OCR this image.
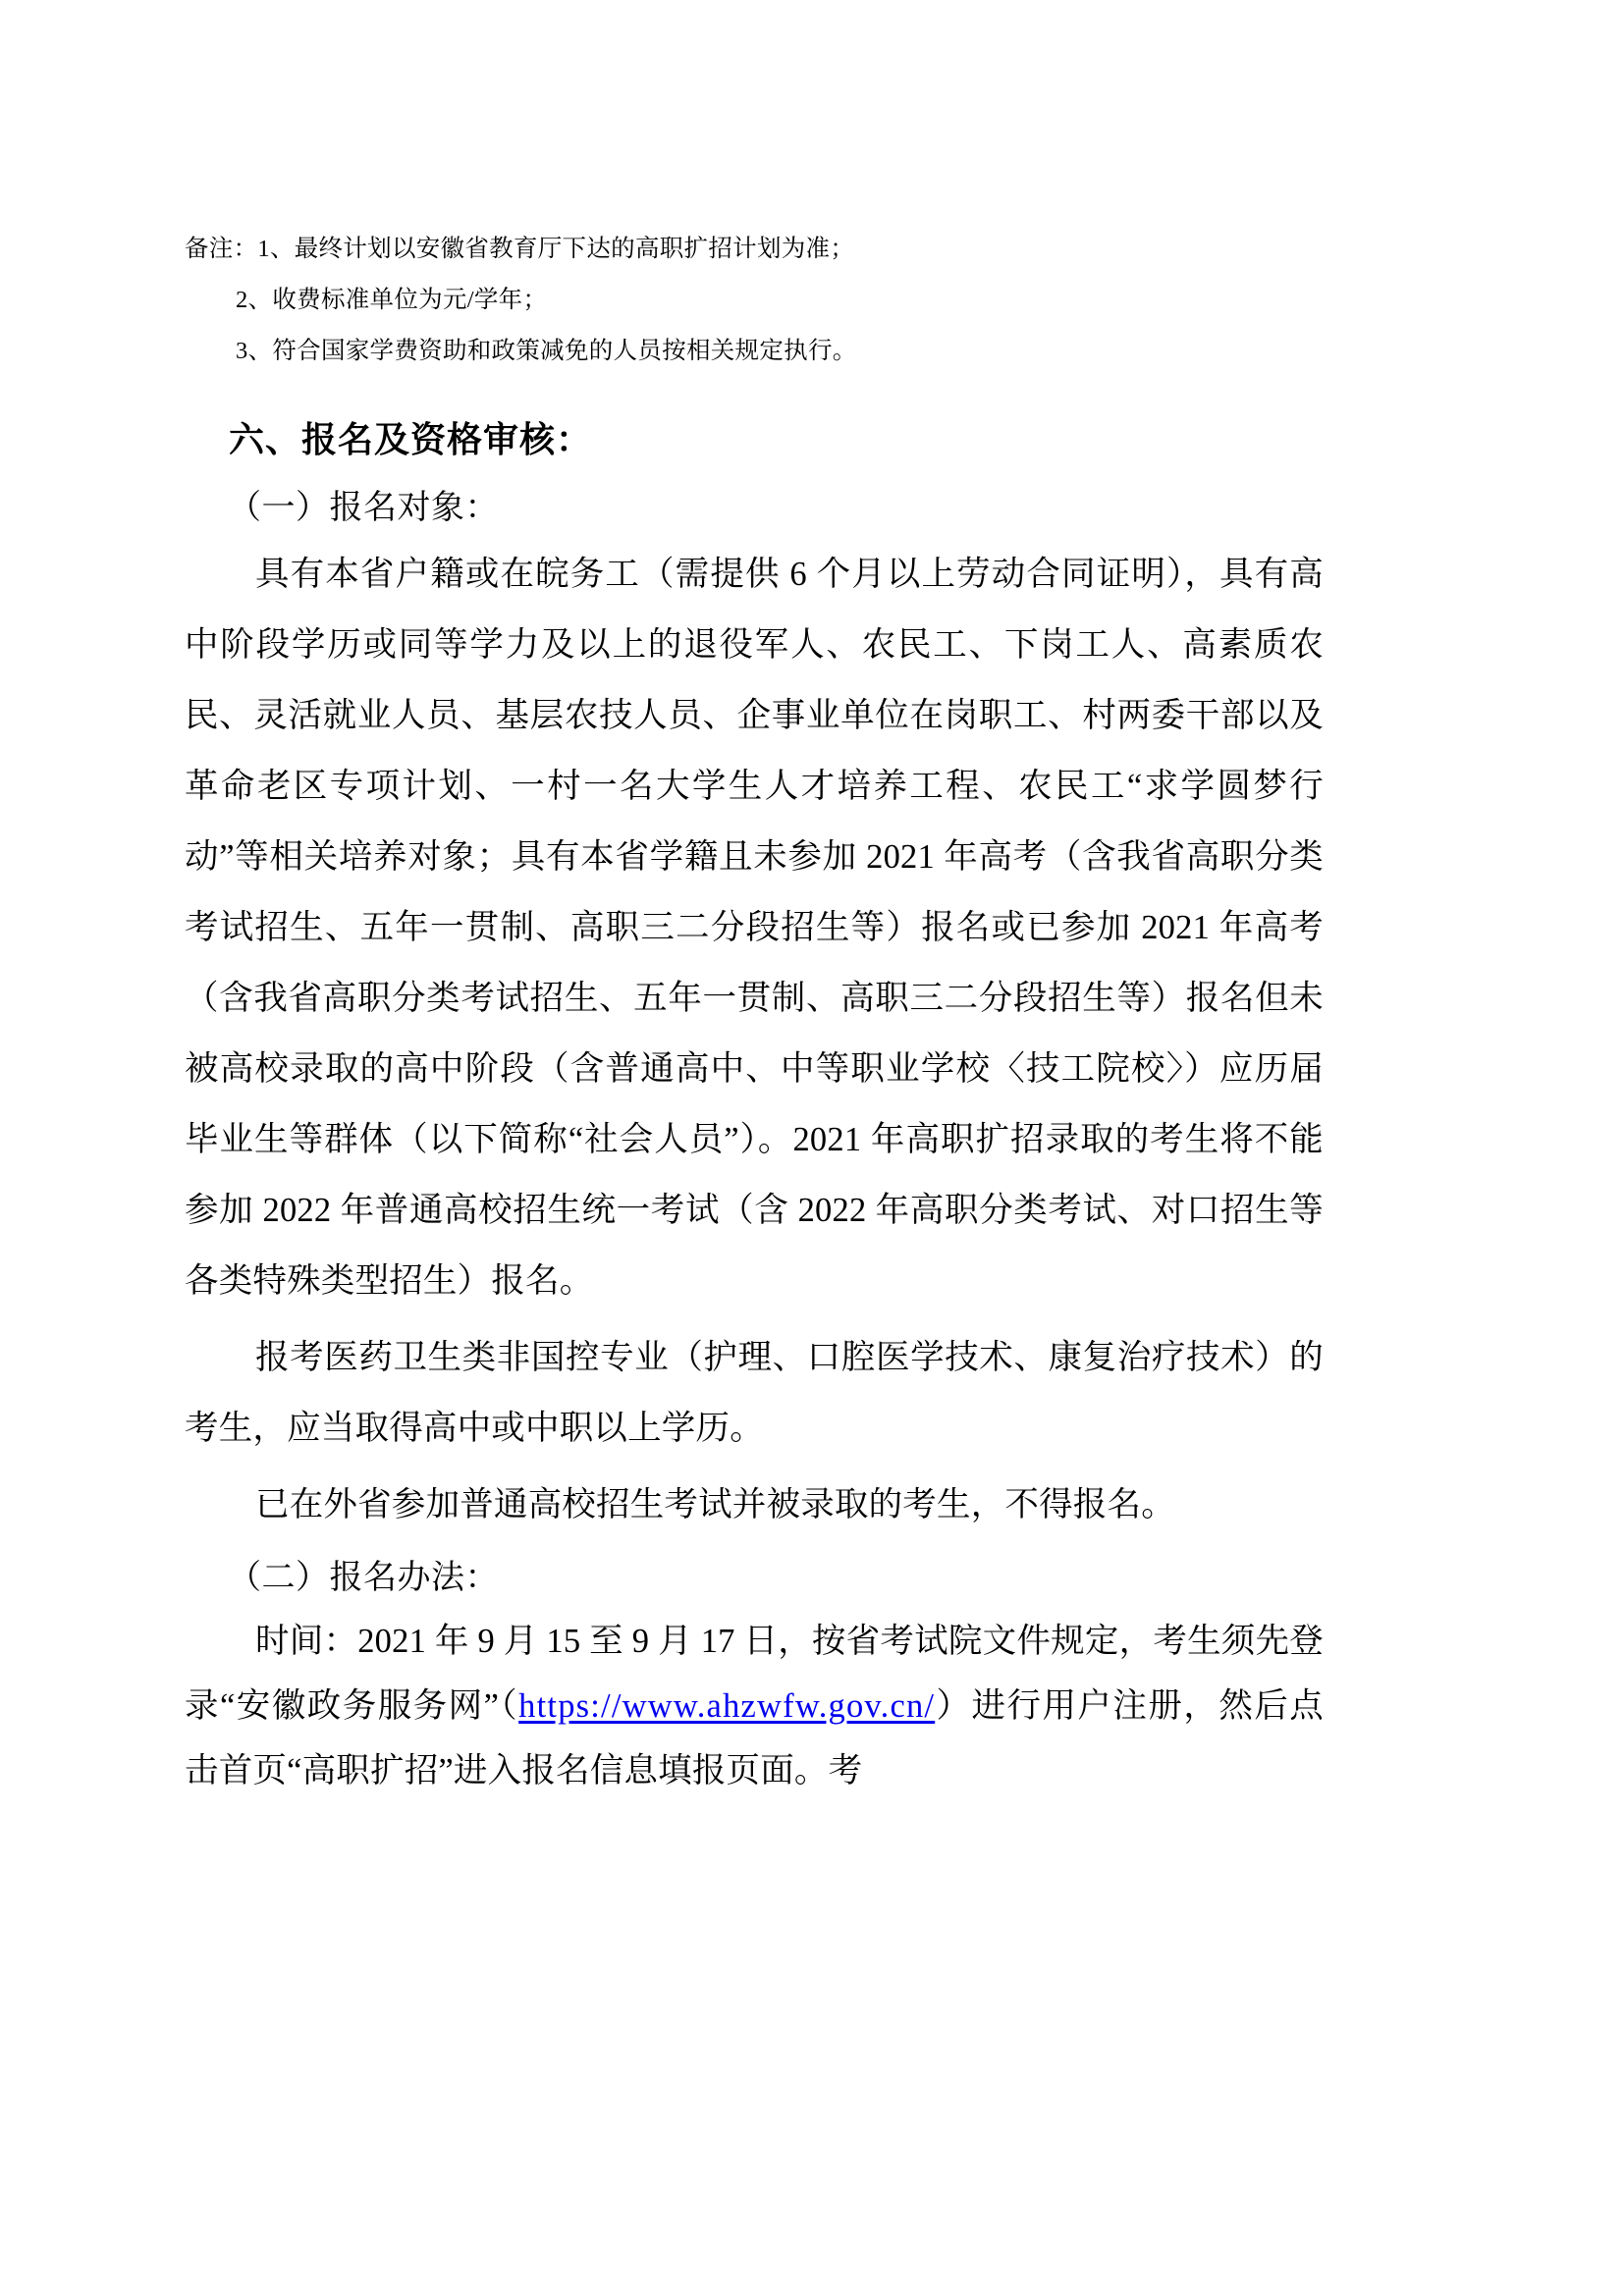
备注：1、最终计划以安徽省教育厅下达的高职扩招计划为准；
2、收费标准单位为元/学年；
3、符合国家学费资助和政策减免的人员按相关规定执行。
六、报名及资格审核：
（一）报名对象：

具有本省户籍或在皖务工（需提供 6 个月以上劳动合同证明），具有高中阶段学历或同等学力及以上的退役军人、农民工、下岗工人、高素质农民、灵活就业人员、基层农技人员、企事业单位在岗职工、村两委干部以及革命老区专项计划、一村一名大学生人才培养工程、农民工“求学圆梦行动”等相关培养对象；具有本省学籍且未参加 2021 年高考（含我省高职分类考试招生、五年一贯制、高职三二分段招生等）报名或已参加 2021 年高考（含我省高职分类考试招生、五年一贯制、高职三二分段招生等）报名但未被高校录取的高中阶段（含普通高中、中等职业学校〈技工院校〉）应历届毕业生等群体（以下简称“社会人员”）。2021 年高职扩招录取的考生将不能参加 2022 年普通高校招生统一考试（含 2022 年高职分类考试、对口招生等各类特殊类型招生）报名。

报考医药卫生类非国控专业（护理、口腔医学技术、康复治疗技术）的考生，应当取得高中或中职以上学历。

已在外省参加普通高校招生考试并被录取的考生，不得报名。

（二）报名办法：

时间：2021 年 9 月 15 至 9 月 17 日，按省考试院文件规定，考生须先登录“安徽政务服务网”（https://www.ahzwfw.gov.cn/）进行用户注册，然后点击首页“高职扩招”进入报名信息填报页面。考
